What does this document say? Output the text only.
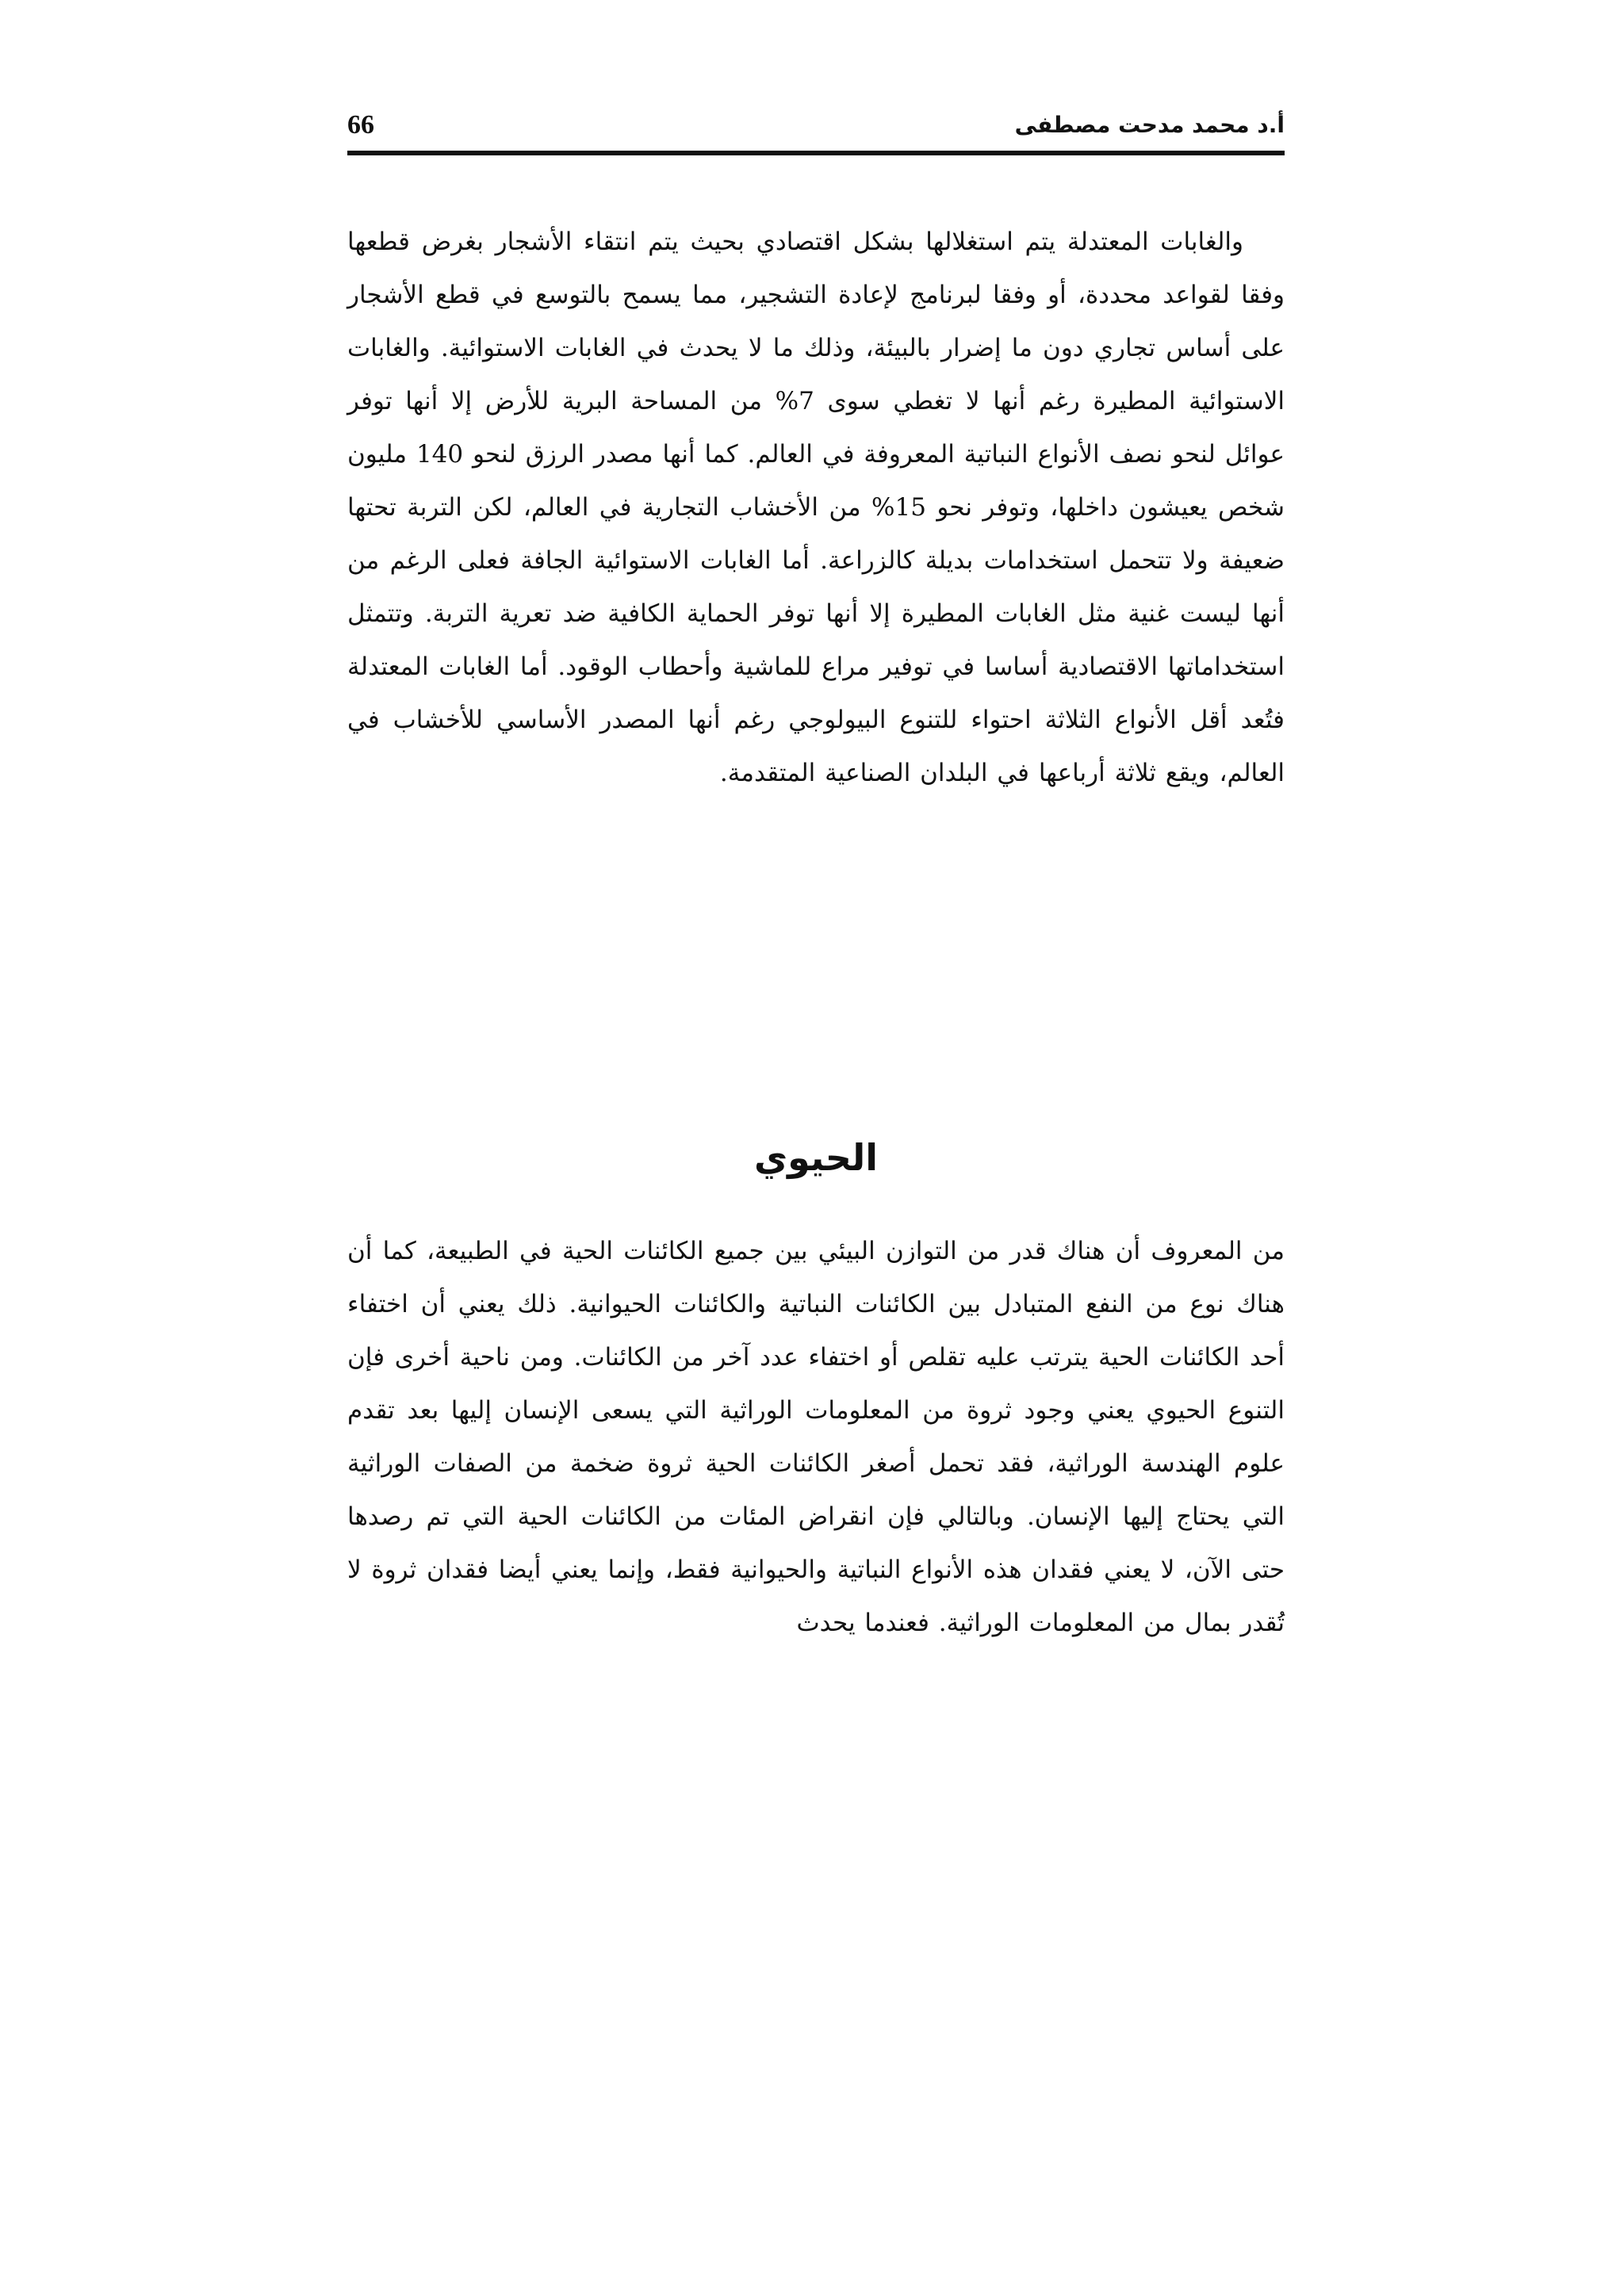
66	أ.د محمد مدحت مصطفى

والغابات المعتدلة يتم استغلالها بشكل اقتصادي بحيث يتم انتقاء الأشجار بغرض قطعها وفقا لقواعد محددة، أو وفقا لبرنامج لإعادة التشجير، مما يسمح بالتوسع في قطع الأشجار على أساس تجاري دون ما إضرار بالبيئة، وذلك ما لا يحدث في الغابات الاستوائية. والغابات الاستوائية المطيرة رغم أنها لا تغطي سوى 7% من المساحة البرية للأرض إلا أنها توفر عوائل لنحو نصف الأنواع النباتية المعروفة في العالم. كما أنها مصدر الرزق لنحو 140 مليون شخص يعيشون داخلها، وتوفر نحو 15% من الأخشاب التجارية في العالم، لكن التربة تحتها ضعيفة ولا تتحمل استخدامات بديلة كالزراعة. أما الغابات الاستوائية الجافة فعلى الرغم من أنها ليست غنية مثل الغابات المطيرة إلا أنها توفر الحماية الكافية ضد تعرية التربة. وتتمثل استخداماتها الاقتصادية أساسا في توفير مراع للماشية وأحطاب الوقود. أما الغابات المعتدلة فتُعد أقل الأنواع الثلاثة احتواء للتنوع البيولوجي رغم أنها المصدر الأساسي للأخشاب في العالم، ويقع ثلاثة أرباعها في البلدان الصناعية المتقدمة.

الحيوي

من المعروف أن هناك قدر من التوازن البيئي بين جميع الكائنات الحية في الطبيعة، كما أن هناك نوع من النفع المتبادل بين الكائنات النباتية والكائنات الحيوانية. ذلك يعني أن اختفاء أحد الكائنات الحية يترتب عليه تقلص أو اختفاء عدد آخر من الكائنات. ومن ناحية أخرى فإن التنوع الحيوي يعني وجود ثروة من المعلومات الوراثية التي يسعى الإنسان إليها بعد تقدم علوم الهندسة الوراثية، فقد تحمل أصغر الكائنات الحية ثروة ضخمة من الصفات الوراثية التي يحتاج إليها الإنسان. وبالتالي فإن انقراض المئات من الكائنات الحية التي تم رصدها حتى الآن، لا يعني فقدان هذه الأنواع النباتية والحيوانية فقط، وإنما يعني أيضا فقدان ثروة لا تُقدر بمال من المعلومات الوراثية. فعندما يحدث
